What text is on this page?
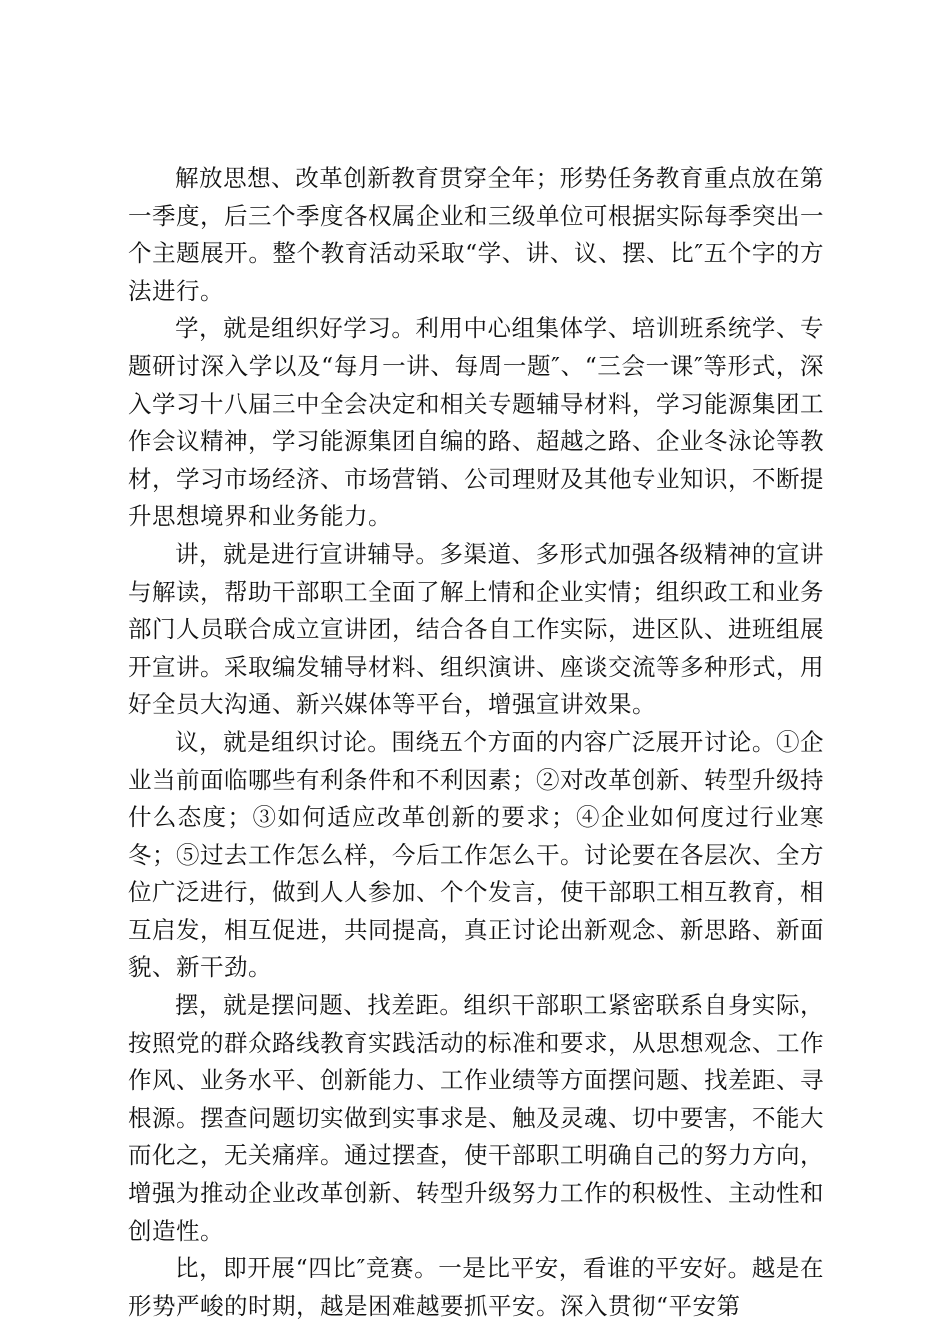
解放思想、改革创新教育贯穿全年；形势任务教育重点放在第一季度，后三个季度各权属企业和三级单位可根据实际每季突出一个主题展开。整个教育活动采取“学、讲、议、摆、比″五个字的方法进行。

学，就是组织好学习。利用中心组集体学、培训班系统学、专题研讨深入学以及“每月一讲、每周一题″、“三会一课″等形式，深入学习十八届三中全会决定和相关专题辅导材料，学习能源集团工作会议精神，学习能源集团自编的路、超越之路、企业冬泳论等教材，学习市场经济、市场营销、公司理财及其他专业知识，不断提升思想境界和业务能力。

讲，就是进行宣讲辅导。多渠道、多形式加强各级精神的宣讲与解读，帮助干部职工全面了解上情和企业实情；组织政工和业务部门人员联合成立宣讲团，结合各自工作实际，进区队、进班组展开宣讲。采取编发辅导材料、组织演讲、座谈交流等多种形式，用好全员大沟通、新兴媒体等平台，增强宣讲效果。

议，就是组织讨论。围绕五个方面的内容广泛展开讨论。①企业当前面临哪些有利条件和不利因素；②对改革创新、转型升级持什么态度；③如何适应改革创新的要求；④企业如何度过行业寒冬；⑤过去工作怎么样，今后工作怎么干。讨论要在各层次、全方位广泛进行，做到人人参加、个个发言，使干部职工相互教育，相互启发，相互促进，共同提高，真正讨论出新观念、新思路、新面貌、新干劲。

摆，就是摆问题、找差距。组织干部职工紧密联系自身实际，按照党的群众路线教育实践活动的标准和要求，从思想观念、工作作风、业务水平、创新能力、工作业绩等方面摆问题、找差距、寻根源。摆查问题切实做到实事求是、触及灵魂、切中要害，不能大而化之，无关痛痒。通过摆查，使干部职工明确自己的努力方向，增强为推动企业改革创新、转型升级努力工作的积极性、主动性和创造性。

比，即开展“四比″竞赛。一是比平安，看谁的平安好。越是在形势严峻的时期，越是困难越要抓平安。深入贯彻“平安第
